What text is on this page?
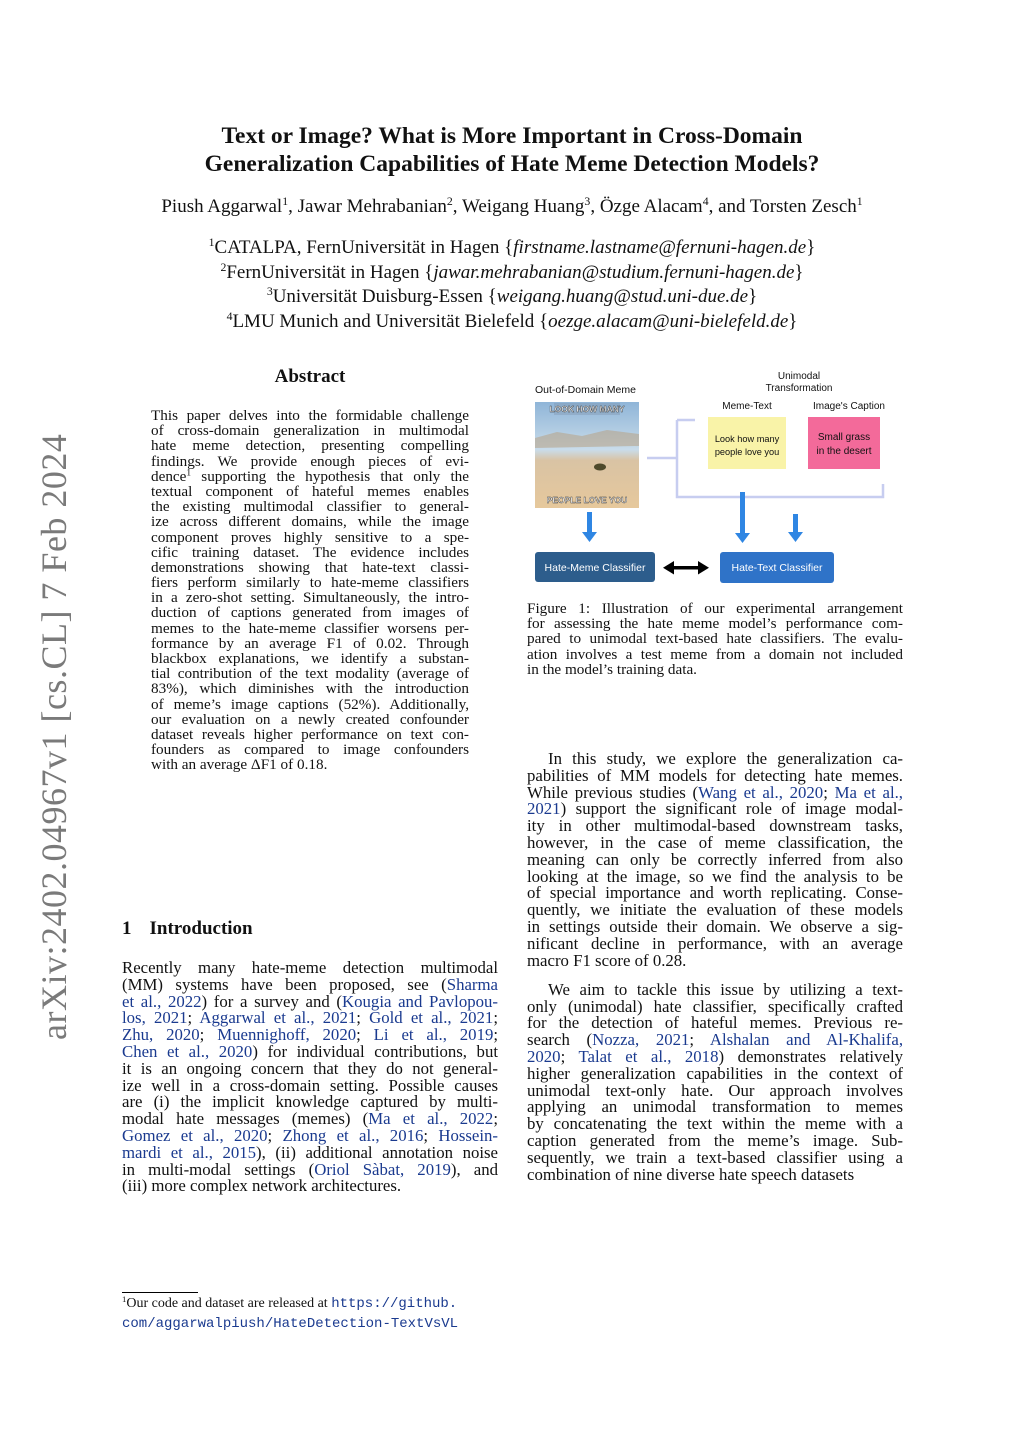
arXiv:2402.04967v1 [cs.CL] 7 Feb 2024
Text or Image? What is More Important in Cross-Domain
Generalization Capabilities of Hate Meme Detection Models?
Piush Aggarwal$^1$, Jawar Mehrabanian$^2$, Weigang Huang$^3$, Özge Alacam$^4$, and Torsten Zesch$^1$
$^1$CATALPA, FernUniversität in Hagen {firstname.lastname@fernuni-hagen.de}
$^2$FernUniversität in Hagen {jawar.mehrabanian@studium.fernuni-hagen.de}
$^3$Universität Duisburg-Essen {weigang.huang@stud.uni-due.de}
$^4$LMU Munich and Universität Bielefeld {oezge.alacam@uni-bielefeld.de}
Abstract
This paper delves into the formidable challenge
of cross-domain generalization in multimodal
hate meme detection, presenting compelling
findings. We provide enough pieces of evi-
dence$^1$ supporting the hypothesis that only the
textual component of hateful memes enables
the existing multimodal classifier to general-
ize across different domains, while the image
component proves highly sensitive to a spe-
cific training dataset. The evidence includes
demonstrations showing that hate-text classi-
fiers perform similarly to hate-meme classifiers
in a zero-shot setting. Simultaneously, the intro-
duction of captions generated from images of
memes to the hate-meme classifier worsens per-
formance by an average F1 of 0.02. Through
blackbox explanations, we identify a substan-
tial contribution of the text modality (average of
83%), which diminishes with the introduction
of meme’s image captions (52%). Additionally,
our evaluation on a newly created confounder
dataset reveals higher performance on text con-
founders as compared to image confounders
with an average ΔF1 of 0.18.
1 Introduction
Recently many hate-meme detection multimodal
(MM) systems have been proposed, see (Sharma
et al., 2022) for a survey and (Kougia and Pavlopou-
los, 2021; Aggarwal et al., 2021; Gold et al., 2021;
Zhu, 2020; Muennighoff, 2020; Li et al., 2019;
Chen et al., 2020) for individual contributions, but
it is an ongoing concern that they do not general-
ize well in a cross-domain setting. Possible causes
are (i) the implicit knowledge captured by multi-
modal hate messages (memes) (Ma et al., 2022;
Gomez et al., 2020; Zhong et al., 2016; Hossein-
mardi et al., 2015), (ii) additional annotation noise
in multi-modal settings (Oriol Sàbat, 2019), and
(iii) more complex network architectures.
$^1$Our code and dataset are released at https://github.
com/aggarwalpiush/HateDetection-TextVsVL
Out-of-Domain Meme
LOOK HOW MANY
PEOPLE LOVE YOU
Unimodal
Transformation
Meme-Text	Image's Caption
Look how many
people love you
Small grass
in the desert
Hate-Meme Classifier	Hate-Text Classifier
Figure 1: Illustration of our experimental arrangement
for assessing the hate meme model’s performance com-
pared to unimodal text-based hate classifiers. The evalu-
ation involves a test meme from a domain not included
in the model’s training data.
In this study, we explore the generalization ca-
pabilities of MM models for detecting hate memes.
While previous studies (Wang et al., 2020; Ma et al.,
2021) support the significant role of image modal-
ity in other multimodal-based downstream tasks,
however, in the case of meme classification, the
meaning can only be correctly inferred from also
looking at the image, so we find the analysis to be
of special importance and worth replicating. Conse-
quently, we initiate the evaluation of these models
in settings outside their domain. We observe a sig-
nificant decline in performance, with an average
macro F1 score of 0.28.
We aim to tackle this issue by utilizing a text-
only (unimodal) hate classifier, specifically crafted
for the detection of hateful memes. Previous re-
search (Nozza, 2021; Alshalan and Al-Khalifa,
2020; Talat et al., 2018) demonstrates relatively
higher generalization capabilities in the context of
unimodal text-only hate. Our approach involves
applying an unimodal transformation to memes
by concatenating the text within the meme with a
caption generated from the meme’s image. Sub-
sequently, we train a text-based classifier using a
combination of nine diverse hate speech datasets
